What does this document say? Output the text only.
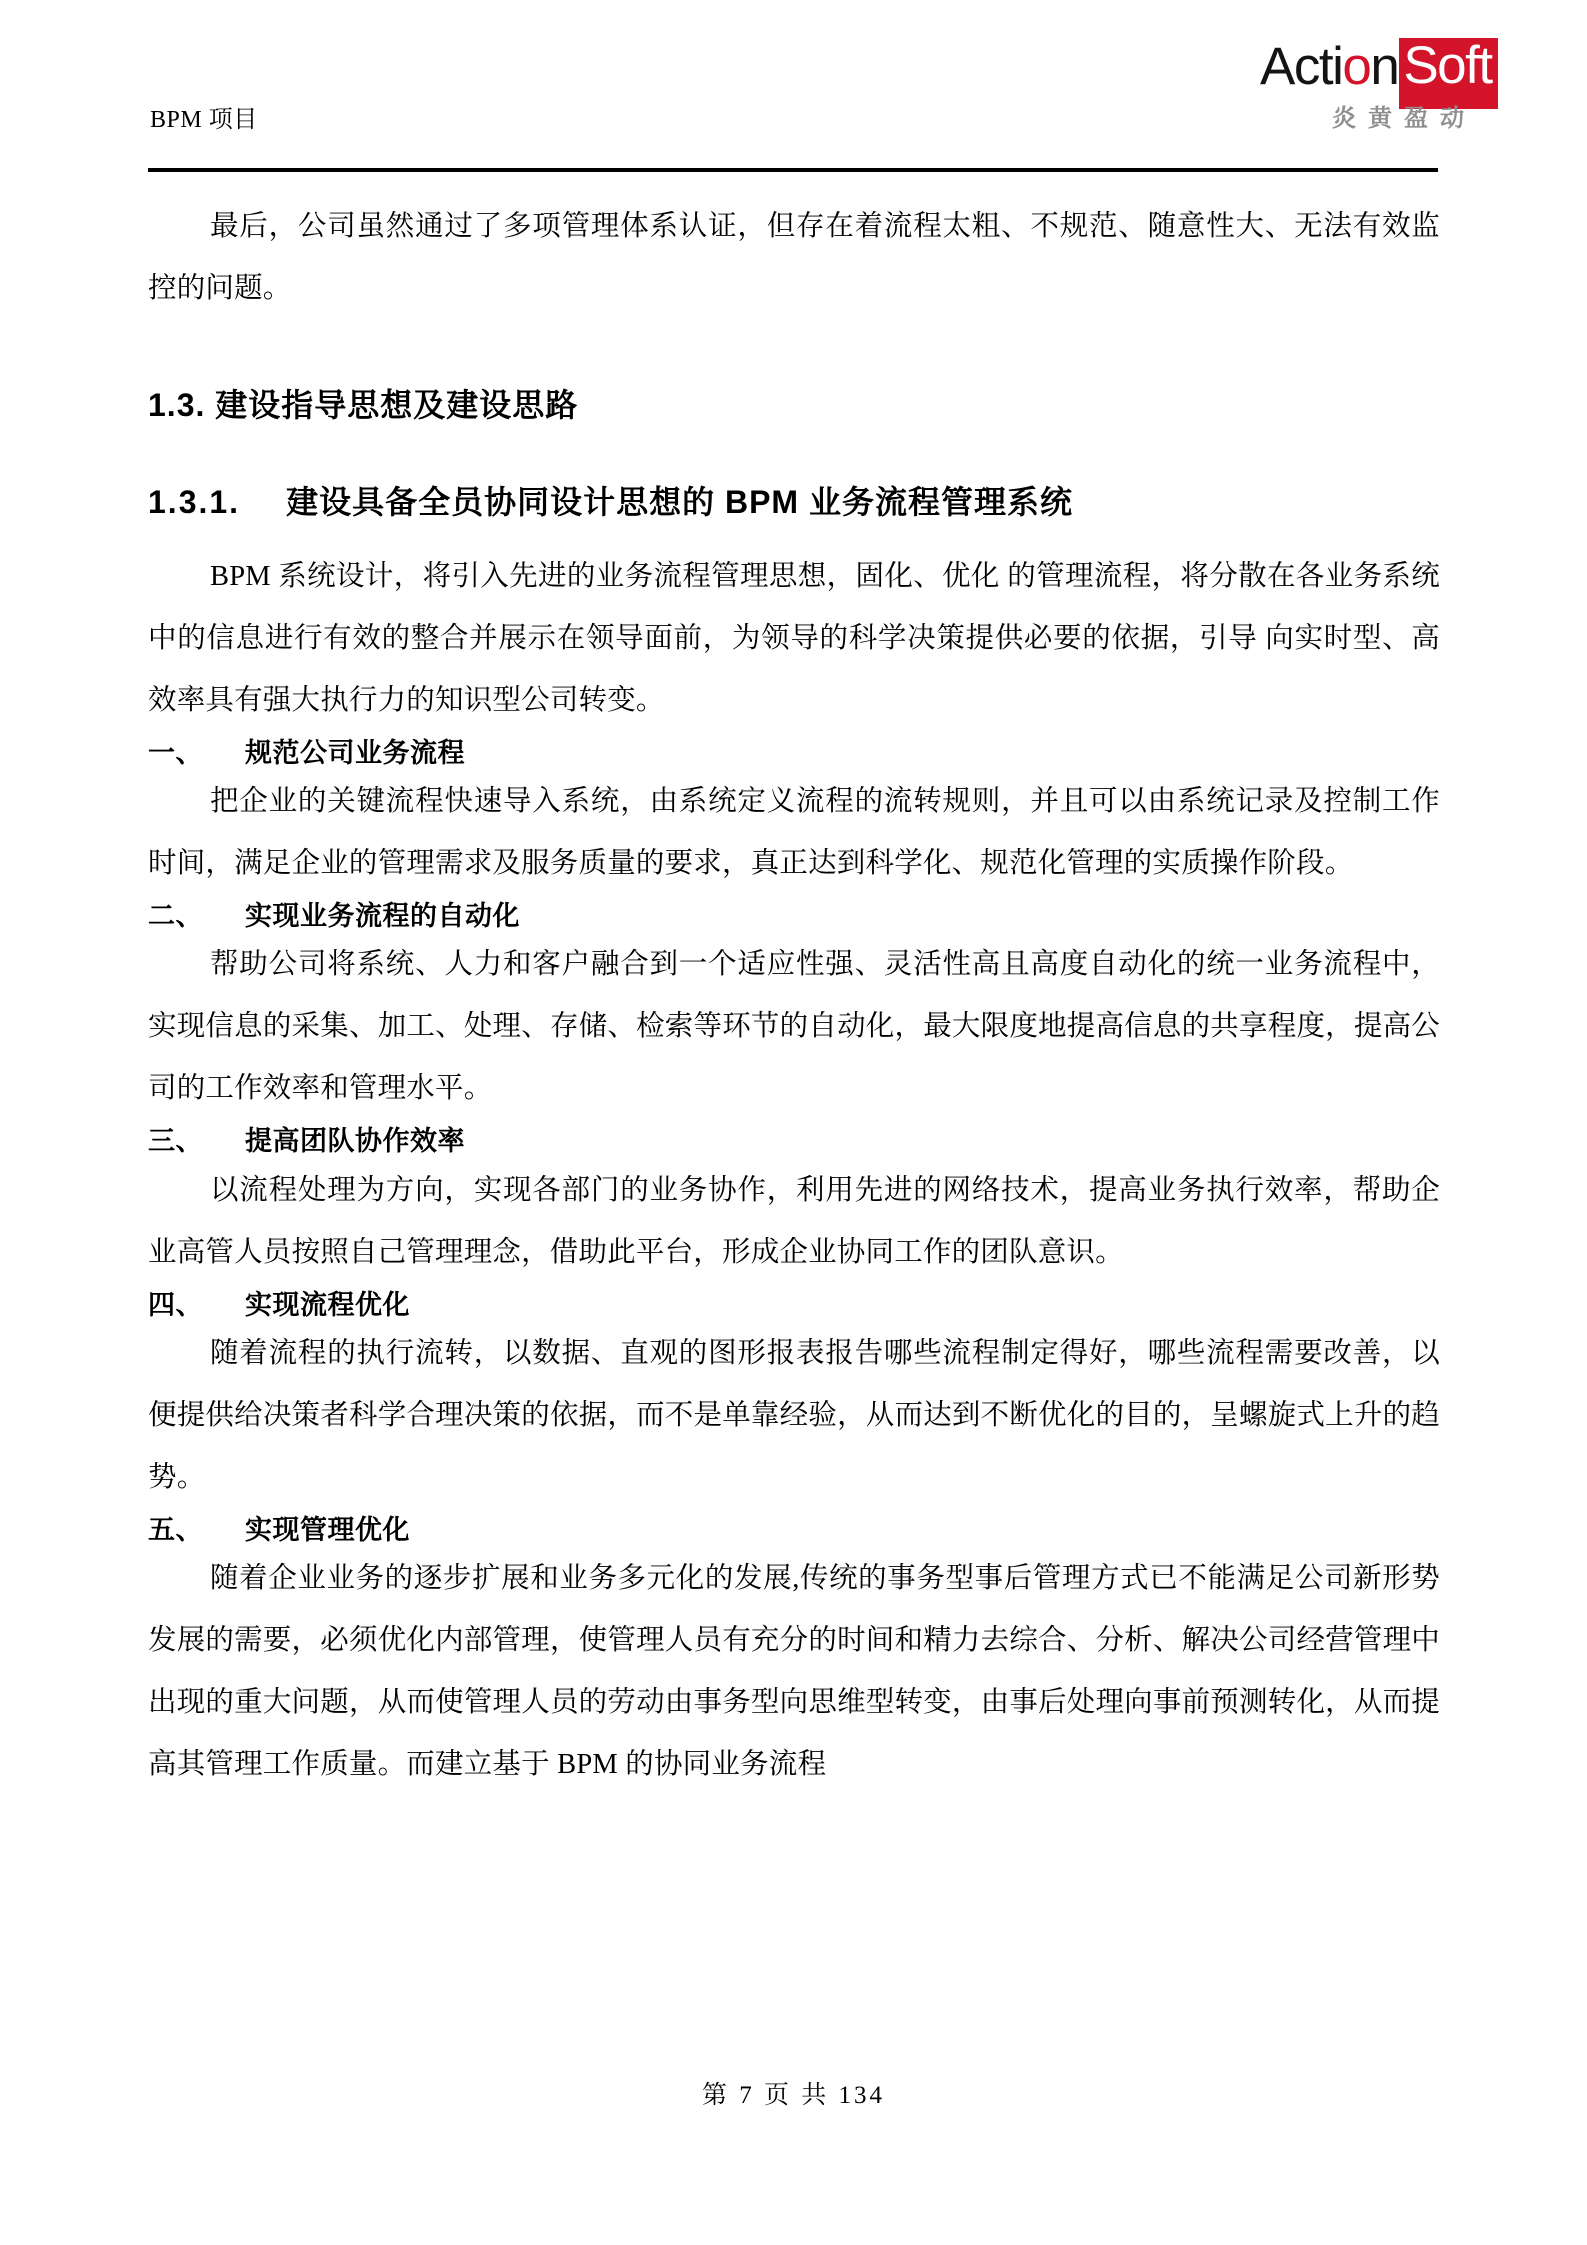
BPM 项目
Action Soft
炎黄盈动

最后，公司虽然通过了多项管理体系认证，但存在着流程太粗、不规范、随意性大、无法有效监控的问题。

1.3. 建设指导思想及建设思路
1.3.1. 建设具备全员协同设计思想的 BPM 业务流程管理系统

BPM 系统设计，将引入先进的业务流程管理思想，固化、优化 的管理流程，将分散在各业务系统中的信息进行有效的整合并展示在领导面前，为领导的科学决策提供必要的依据，引导 向实时型、高效率具有强大执行力的知识型公司转变。

一、 规范公司业务流程

把企业的关键流程快速导入系统，由系统定义流程的流转规则，并且可以由系统记录及控制工作时间，满足企业的管理需求及服务质量的要求，真正达到科学化、规范化管理的实质操作阶段。

二、 实现业务流程的自动化

帮助公司将系统、人力和客户融合到一个适应性强、灵活性高且高度自动化的统一业务流程中，实现信息的采集、加工、处理、存储、检索等环节的自动化，最大限度地提高信息的共享程度，提高公司的工作效率和管理水平。

三、 提高团队协作效率

以流程处理为方向，实现各部门的业务协作，利用先进的网络技术，提高业务执行效率，帮助企业高管人员按照自己管理理念，借助此平台，形成企业协同工作的团队意识。

四、 实现流程优化

随着流程的执行流转，以数据、直观的图形报表报告哪些流程制定得好，哪些流程需要改善，以便提供给决策者科学合理决策的依据，而不是单靠经验，从而达到不断优化的目的，呈螺旋式上升的趋势。

五、 实现管理优化

随着企业业务的逐步扩展和业务多元化的发展,传统的事务型事后管理方式已不能满足公司新形势发展的需要，必须优化内部管理，使管理人员有充分的时间和精力去综合、分析、解决公司经营管理中出现的重大问题，从而使管理人员的劳动由事务型向思维型转变，由事后处理向事前预测转化，从而提高其管理工作质量。而建立基于 BPM 的协同业务流程

第 7 页 共 134
